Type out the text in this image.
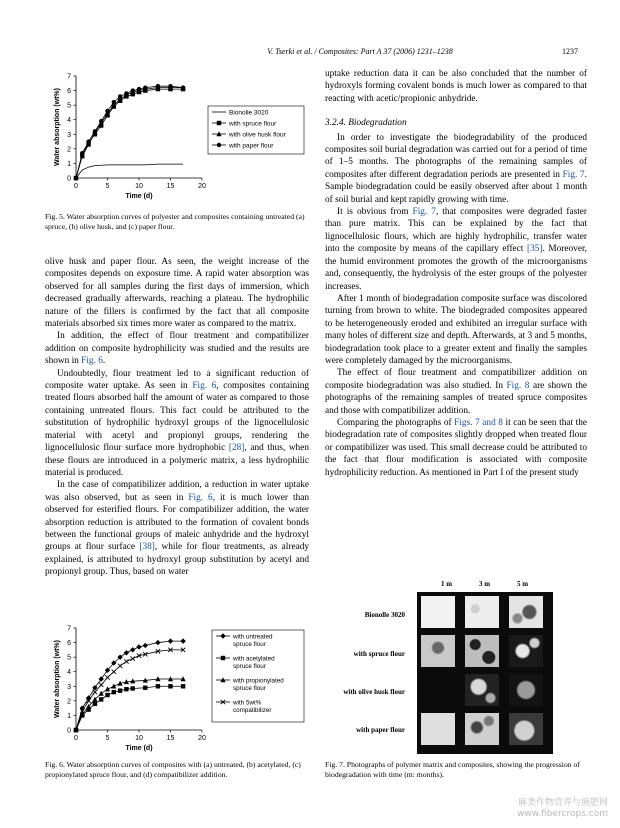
V. Tserki et al. / Composites: Part A 37 (2006) 1231–1238	1237
0
1
2
3
4
5
6
7
0	5	10	15	20
Time (d)
Water absorption (wt%)	Bionolle 3020
with spruce flour
with olive husk flour
with paper flour

Fig. 5. Water absorption curves of polyester and composites containing untreated (a) spruce, (b) olive husk, and (c) paper flour.

olive husk and paper flour. As seen, the weight increase of the composites depends on exposure time. A rapid water absorption was observed for all samples during the first days of immersion, which decreased gradually afterwards, reaching a plateau. The hydrophilic nature of the fillers is confirmed by the fact that all composite materials absorbed six times more water as compared to the matrix.

In addition, the effect of flour treatment and compatibilizer addition on composite hydrophilicity was studied and the results are shown in Fig. 6.

Undoubtedly, flour treatment led to a significant reduction of composite water uptake. As seen in Fig. 6, composites containing treated flours absorbed half the amount of water as compared to those containing untreated flours. This fact could be attributed to the substitution of hydrophilic hydroxyl groups of the lignocellulosic material with acetyl and propionyl groups, rendering the lignocellulosic flour surface more hydrophobic [28], and thus, when these flours are introduced in a polymeric matrix, a less hydrophilic material is produced.

In the case of compatibilizer addition, a reduction in water uptake was also observed, but as seen in Fig. 6, it is much lower than observed for esterified flours. For compatibilizer addition, the water absorption reduction is attributed to the formation of covalent bonds between the functional groups of maleic anhydride and the hydroxyl groups at flour surface [38], while for flour treatments, as already explained, is attributed to hydroxyl group substitution by acetyl and propionyl group. Thus, based on water

uptake reduction data it can be also concluded that the number of hydroxyls forming covalent bonds is much lower as compared to that reacting with acetic/propionic anhydride.

3.2.4. Biodegradation

In order to investigate the biodegradability of the produced composites soil burial degradation was carried out for a period of time of 1–5 months. The photographs of the remaining samples of composites after different degradation periods are presented in Fig. 7. Sample biodegradation could be easily observed after about 1 month of soil burial and kept rapidly growing with time.

It is obvious from Fig. 7, that composites were degraded faster than pure matrix. This can be explained by the fact that lignocellulosic flours, which are highly hydrophilic, transfer water into the composite by means of the capillary effect [35]. Moreover, the humid environment promotes the growth of the microorganisms and, consequently, the hydrolysis of the ester groups of the polyester increases.

After 1 month of biodegradation composite surface was discolored turning from brown to white. The biodegraded composites appeared to be heterogeneously eroded and exhibited an irregular surface with many holes of different size and depth. Afterwards, at 3 and 5 months, biodegradation took place to a greater extent and finally the samples were completely damaged by the microorganisms.

The effect of flour treatment and compatibilizer addition on composite biodegradation was also studied. In Fig. 8 are shown the photographs of the remaining samples of treated spruce composites and those with compatibilizer addition.

Comparing the photographs of Figs. 7 and 8 it can be seen that the biodegradation rate of composites slightly dropped when treated flour or compatibilizer was used. This small decrease could be attributed to the fact that flour modification is associated with composite hydrophilicity reduction. As mentioned in Part I of the present study

0
1
2
3
4
5
6
7
0	5	10	15	20
Time (d)
Water absorption (wt%)
with untreated spruce flour
with acetylated spruce flour
with propionylated spruce flour
with 5wt% compatibilizer

Fig. 6. Water absorption curves of composites with (a) untreated, (b) acetylated, (c) propionylated spruce flour, and (d) compatibilizer addition.

1 m	3 m	5 m
Bionolle 3020
with spruce flour
with olive husk flour
with paper flour

Fig. 7. Photographs of polymer matrix and composites, showing the progression of biodegradation with time (m: months).

麻类作物营养与施肥网
www.fibercrops.com
